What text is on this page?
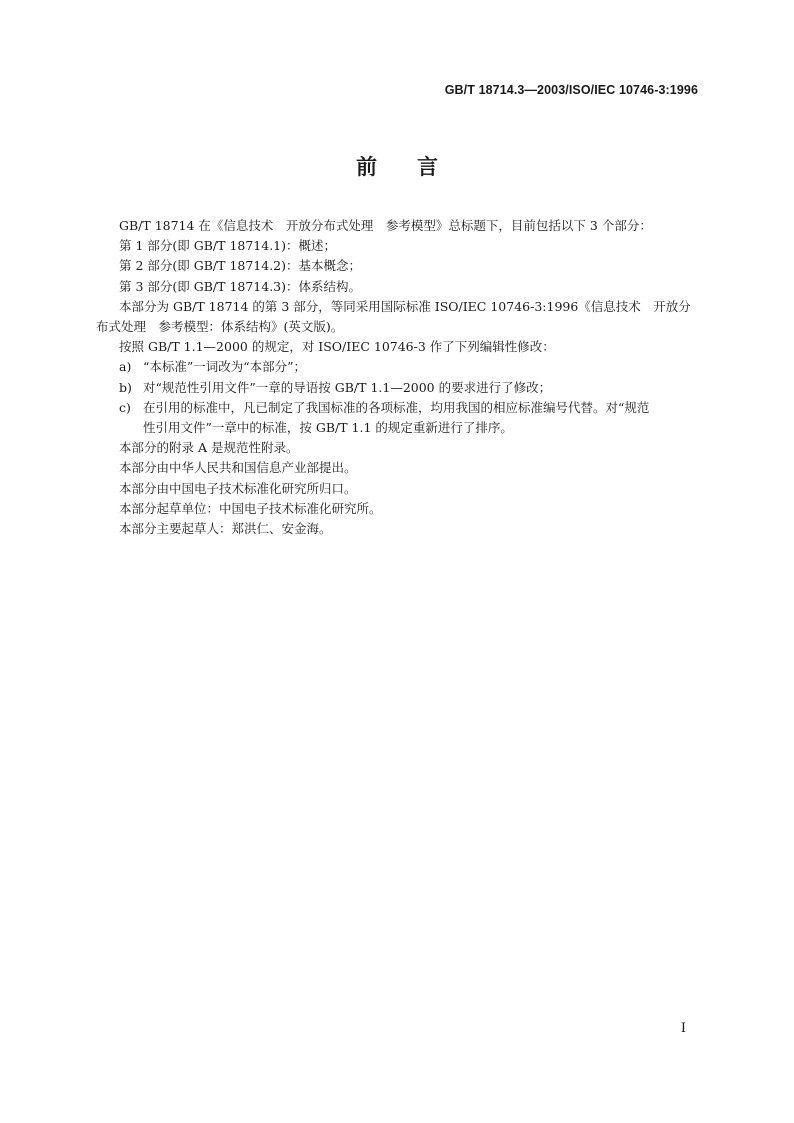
GB/T 18714.3—2003/ISO/IEC 10746-3:1996
前言
GB/T 18714 在《信息技术　开放分布式处理　参考模型》总标题下，目前包括以下 3 个部分：
第 1 部分(即 GB/T 18714.1)：概述；
第 2 部分(即 GB/T 18714.2)：基本概念；
第 3 部分(即 GB/T 18714.3)：体系结构。
本部分为 GB/T 18714 的第 3 部分，等同采用国际标准 ISO/IEC 10746-3:1996《信息技术　开放分
布式处理　参考模型：体系结构》(英文版)。
按照 GB/T 1.1—2000 的规定，对 ISO/IEC 10746-3 作了下列编辑性修改：
a) “本标准”一词改为“本部分”；
b) 对“规范性引用文件”一章的导语按 GB/T 1.1—2000 的要求进行了修改；
c) 在引用的标准中，凡已制定了我国标准的各项标准，均用我国的相应标准编号代替。对“规范
性引用文件”一章中的标准，按 GB/T 1.1 的规定重新进行了排序。
本部分的附录 A 是规范性附录。
本部分由中华人民共和国信息产业部提出。
本部分由中国电子技术标准化研究所归口。
本部分起草单位：中国电子技术标准化研究所。
本部分主要起草人：郑洪仁、安金海。
I
